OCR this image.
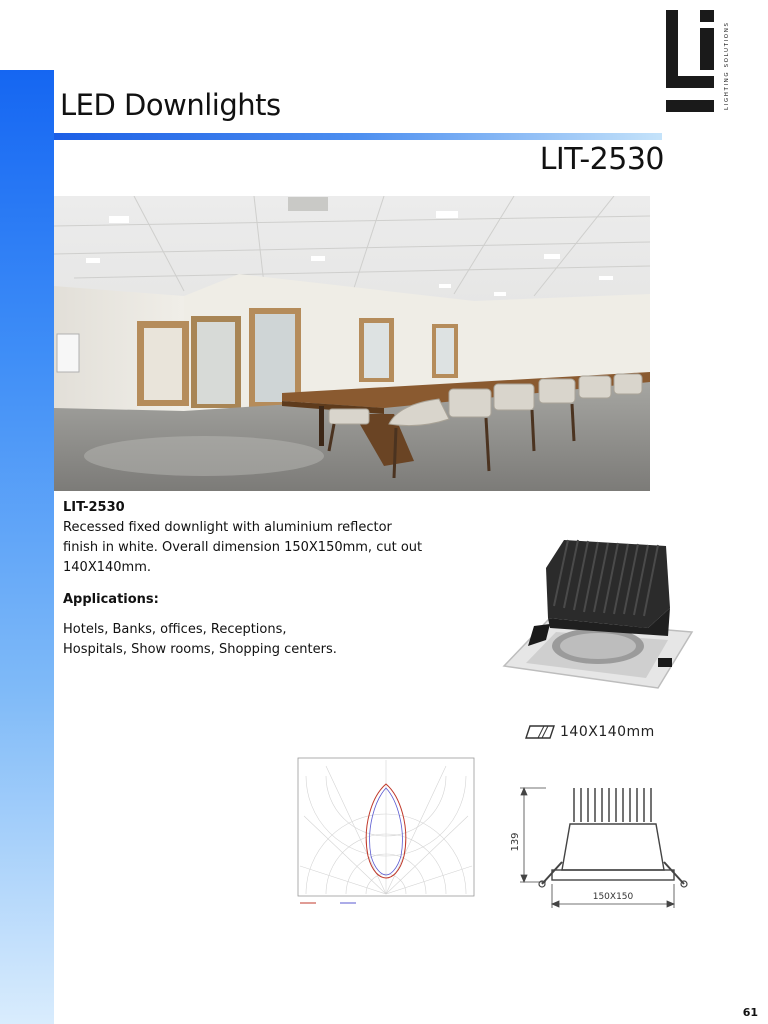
LIGHTING SOLUTIONS
LED Downlights
LIT-2530
LIT-2530
Recessed fixed downlight with aluminium reflector finish in white. Overall dimension 150X150mm, cut out 140X140mm.
Applications:
Hotels, Banks, offices, Receptions,
Hospitals, Show rooms, Shopping centers.
140X140mm
139
150X150
61
